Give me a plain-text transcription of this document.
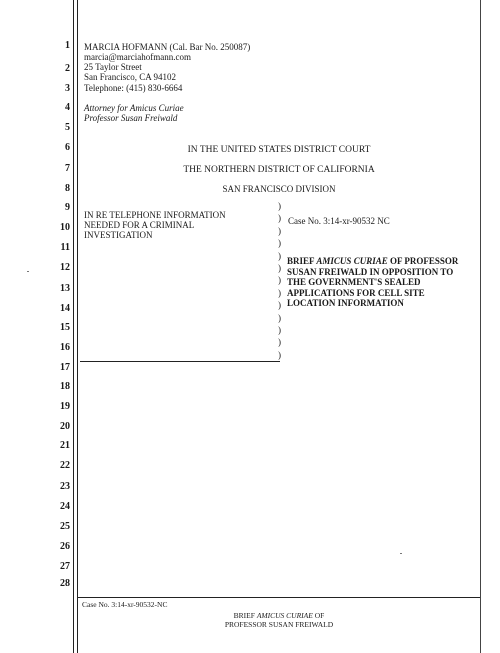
1
2
3
4
5
6
7
8
9
10
11
12
13
14
15
16
17
18
19
20
21
22
23
24
25
26
27
28
MARCIA HOFMANN (Cal. Bar No. 250087)
marcia@marciahofmann.com
25 Taylor Street
San Francisco, CA 94102
Telephone: (415) 830-6664
Attorney for Amicus Curiae
Professor Susan Freiwald
IN THE UNITED STATES DISTRICT COURT
THE NORTHERN DISTRICT OF CALIFORNIA
SAN FRANCISCO DIVISION
IN RE TELEPHONE INFORMATION
NEEDED FOR A CRIMINAL
INVESTIGATION
)
)
)
)
)
)
)
)
)
)
)
)
)
Case No. 3:14-xr-90532 NC
BRIEF AMICUS CURIAE OF PROFESSOR
SUSAN FREIWALD IN OPPOSITION TO
THE GOVERNMENT'S SEALED
APPLICATIONS FOR CELL SITE
LOCATION INFORMATION
Case No. 3:14-xr-90532-NC
BRIEF AMICUS CURIAE OF
PROFESSOR SUSAN FREIWALD
